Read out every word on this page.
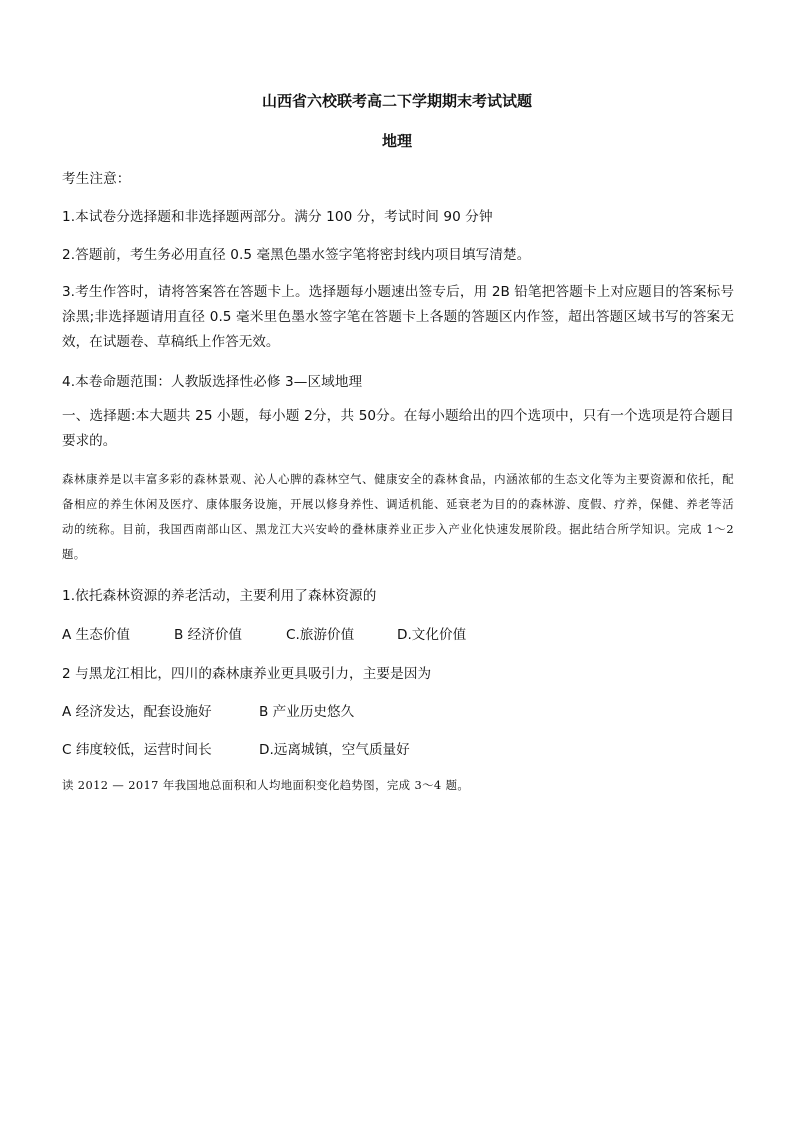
山西省六校联考高二下学期期末考试试题
地理
考生注意：
1.本试卷分选择题和非选择题两部分。满分 100 分，考试时间 90 分钟
2.答题前，考生务必用直径 0.5 毫黑色墨水签字笔将密封线内项目填写清楚。
3.考生作答时，请将答案答在答题卡上。选择题每小题速出签专后，用 2B 铅笔把答题卡上对应题目的答案标号涂黑;非选择题请用直径 0.5 毫米里色墨水签字笔在答题卡上各题的答题区内作签，超出答题区域书写的答案无效，在试题卷、草稿纸上作答无效。
4.本卷命题范围：人教版选择性必修 3—区域地理
一、选择题:本大题共 25 小题，每小题 2分，共 50分。在每小题给出的四个选项中，只有一个选项是符合题目要求的。
森林康养是以丰富多彩的森林景观、沁人心脾的森林空气、健康安全的森林食品，内涵浓郁的生态文化等为主要资源和依托，配备相应的养生休闲及医疗、康体服务设施，开展以修身养性、调适机能、延衰老为目的的森林游、度假、疗养，保健、养老等活动的统称。目前，我国西南部山区、黑龙江大兴安岭的叠林康养业正步入产业化快速发展阶段。据此结合所学知识。完成 1～2 题。
1.依托森林资源的养老活动，主要利用了森林资源的
A 生态价值	B 经济价值	C.旅游价值	D.文化价值
2 与黑龙江相比，四川的森林康养业更具吸引力，主要是因为
A 经济发达，配套设施好	B 产业历史悠久
C 纬度较低，运营时间长	D.远离城镇，空气质量好
读 2012 — 2017 年我国地总面积和人均地面积变化趋势图，完成 3～4 题。
